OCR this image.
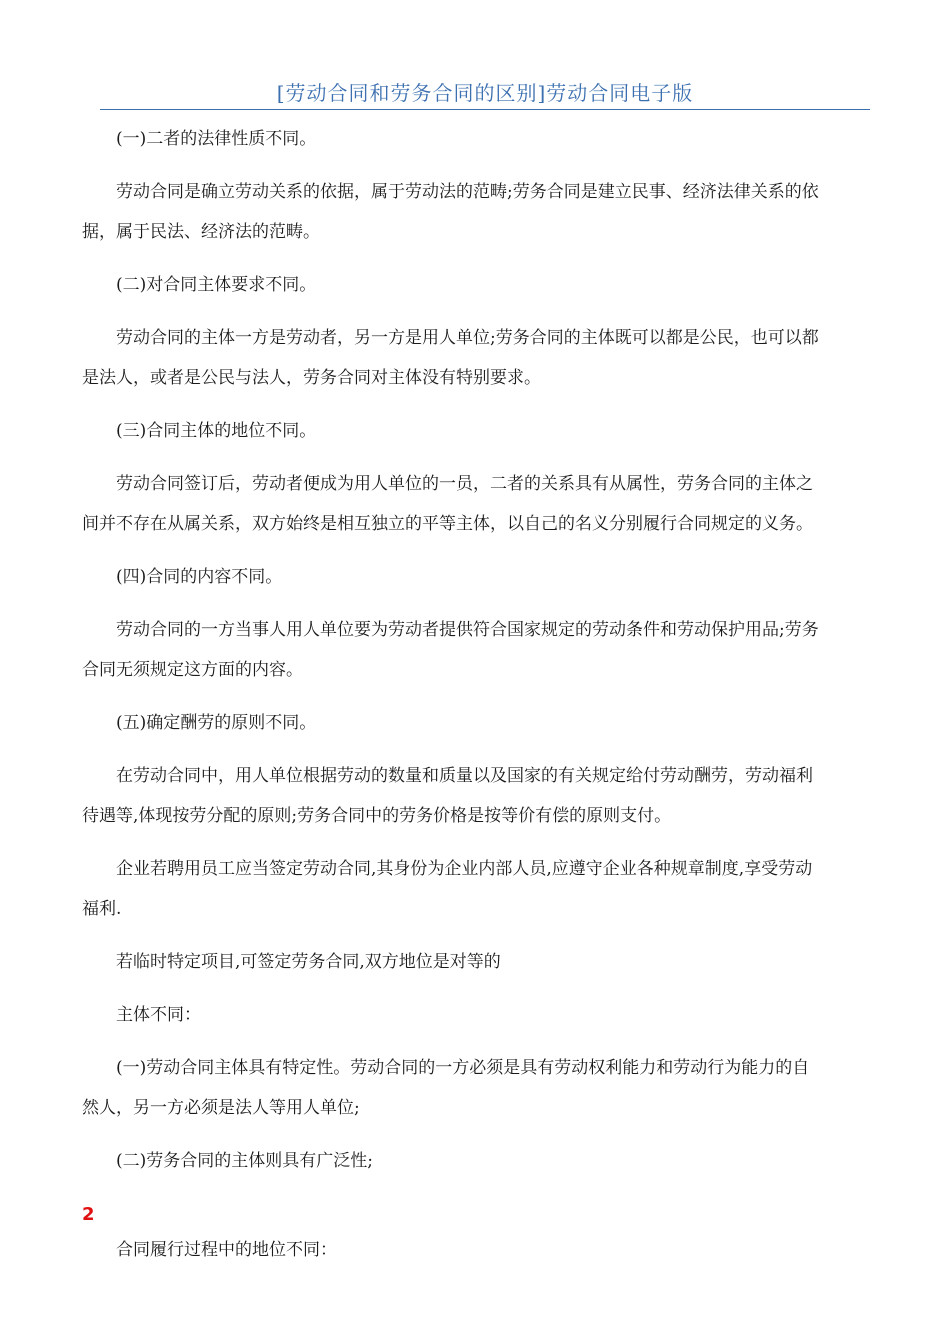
[劳动合同和劳务合同的区别]劳动合同电子版
(一)二者的法律性质不同。
劳动合同是确立劳动关系的依据，属于劳动法的范畴;劳务合同是建立民事、经济法律关系的依
据，属于民法、经济法的范畴。
(二)对合同主体要求不同。
劳动合同的主体一方是劳动者，另一方是用人单位;劳务合同的主体既可以都是公民，也可以都
是法人，或者是公民与法人，劳务合同对主体没有特别要求。
(三)合同主体的地位不同。
劳动合同签订后，劳动者便成为用人单位的一员，二者的关系具有从属性，劳务合同的主体之
间并不存在从属关系，双方始终是相互独立的平等主体，以自己的名义分别履行合同规定的义务。
(四)合同的内容不同。
劳动合同的一方当事人用人单位要为劳动者提供符合国家规定的劳动条件和劳动保护用品;劳务
合同无须规定这方面的内容。
(五)确定酬劳的原则不同。
在劳动合同中，用人单位根据劳动的数量和质量以及国家的有关规定给付劳动酬劳，劳动福利
待遇等,体现按劳分配的原则;劳务合同中的劳务价格是按等价有偿的原则支付。
企业若聘用员工应当签定劳动合同,其身份为企业内部人员,应遵守企业各种规章制度,享受劳动
福利.
若临时特定项目,可签定劳务合同,双方地位是对等的
主体不同：
(一)劳动合同主体具有特定性。劳动合同的一方必须是具有劳动权利能力和劳动行为能力的自
然人，另一方必须是法人等用人单位;
(二)劳务合同的主体则具有广泛性;
2
合同履行过程中的地位不同：
